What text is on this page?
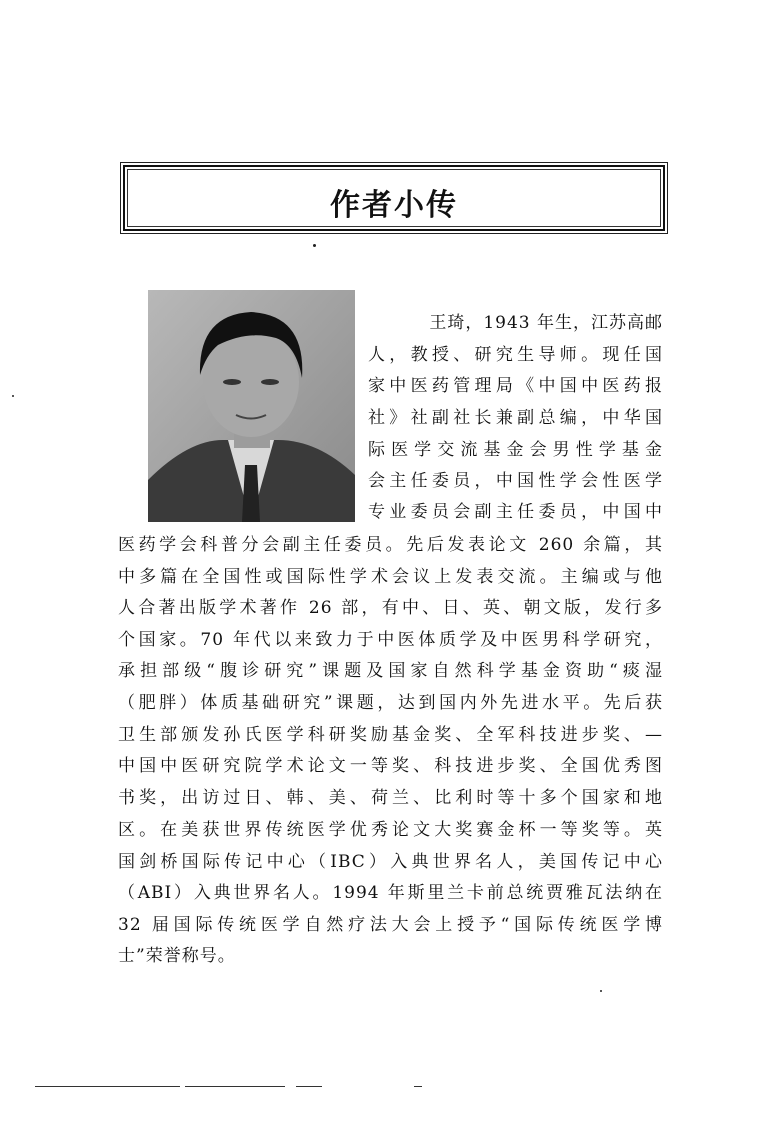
作者小传
王琦，1943 年生，江苏高邮
人，教授、研究生导师。现任国
家中医药管理局《中国中医药报
社》社副社长兼副总编，中华国
际医学交流基金会男性学基金
会主任委员，中国性学会性医学
专业委员会副主任委员，中国中
医药学会科普分会副主任委员。先后发表论文 260 余篇，其
中多篇在全国性或国际性学术会议上发表交流。主编或与他
人合著出版学术著作 26 部，有中、日、英、朝文版，发行多
个国家。70 年代以来致力于中医体质学及中医男科学研究，
承担部级“腹诊研究”课题及国家自然科学基金资助“痰湿
（肥胖）体质基础研究”课题，达到国内外先进水平。先后获
卫生部颁发孙氏医学科研奖励基金奖、全军科技进步奖、—
中国中医研究院学术论文一等奖、科技进步奖、全国优秀图
书奖，出访过日、韩、美、荷兰、比利时等十多个国家和地
区。在美获世界传统医学优秀论文大奖赛金杯一等奖等。英
国剑桥国际传记中心（IBC）入典世界名人，美国传记中心
（ABI）入典世界名人。1994 年斯里兰卡前总统贾雅瓦法纳在
32 届国际传统医学自然疗法大会上授予“国际传统医学博
士”荣誉称号。
